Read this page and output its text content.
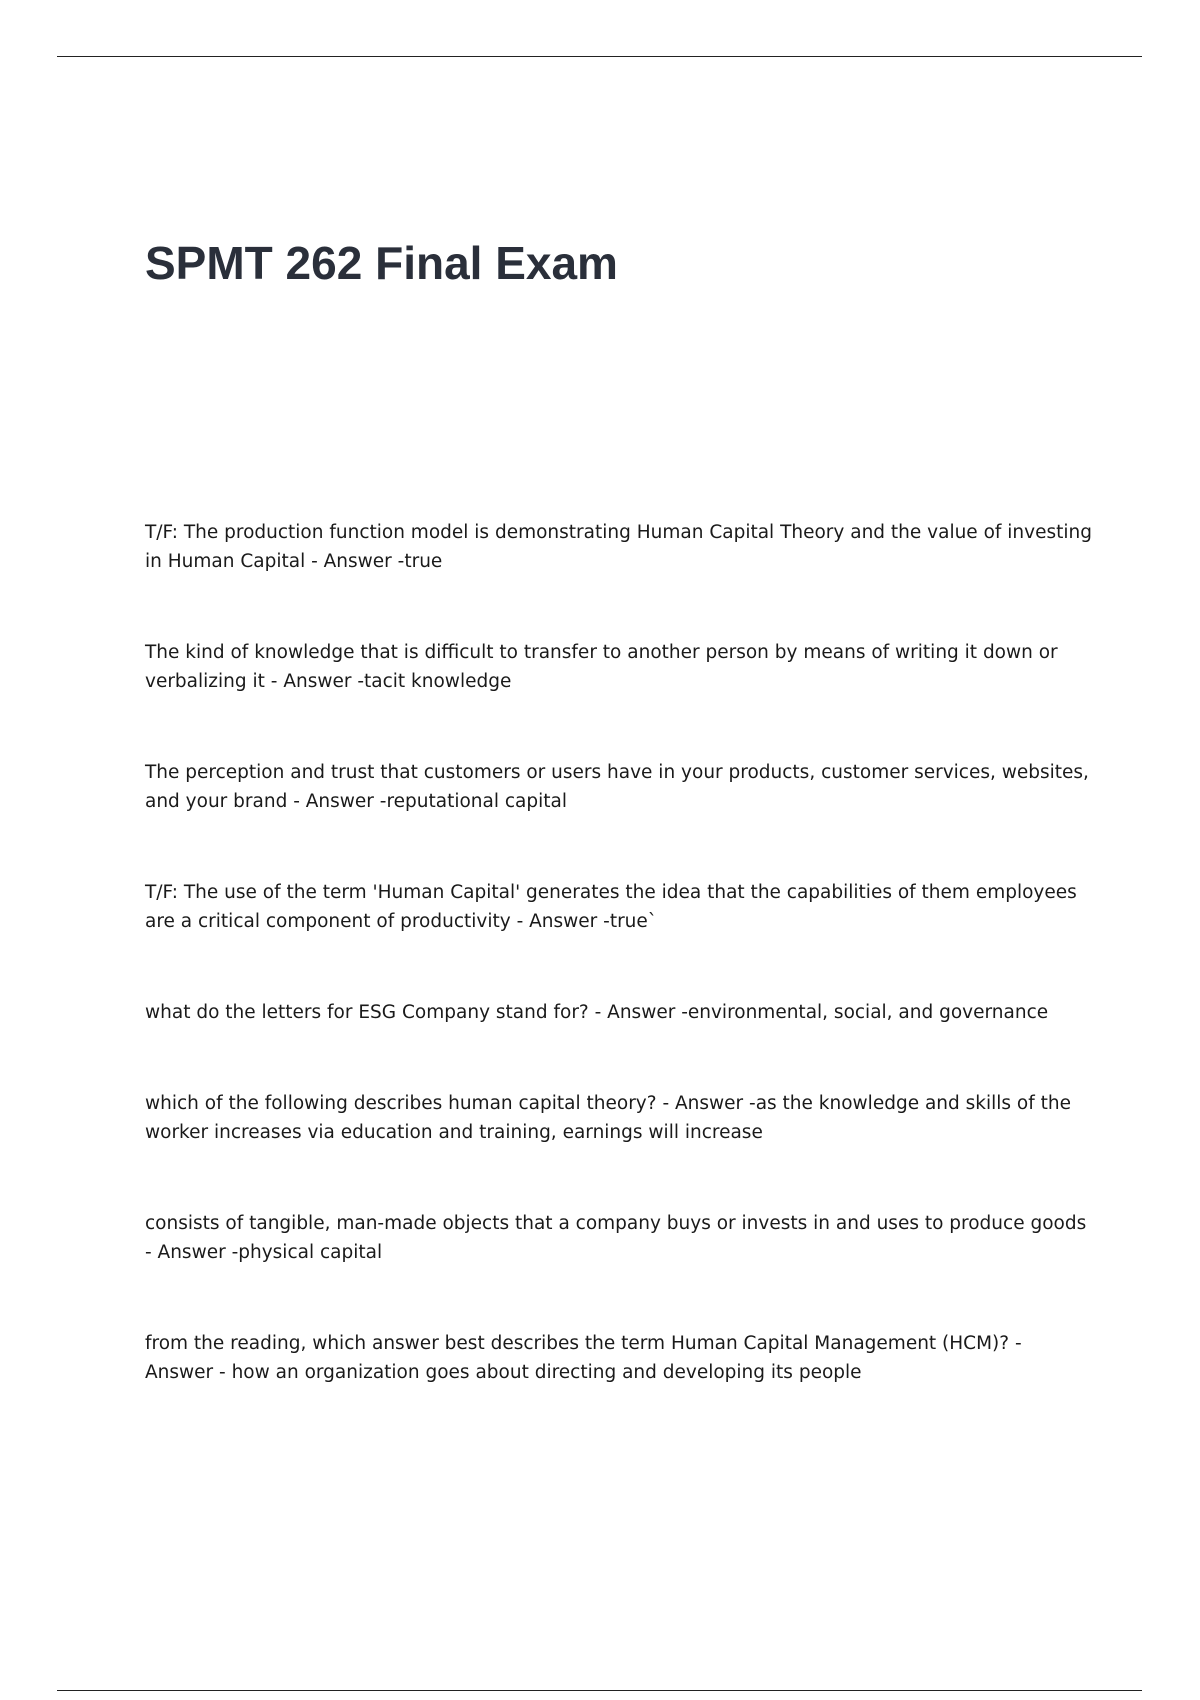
SPMT 262 Final Exam

T/F: The production function model is demonstrating Human Capital Theory and the value of investing in Human Capital - Answer -true

The kind of knowledge that is difficult to transfer to another person by means of writing it down or verbalizing it - Answer -tacit knowledge

The perception and trust that customers or users have in your products, customer services, websites, and your brand - Answer -reputational capital

T/F: The use of the term 'Human Capital' generates the idea that the capabilities of them employees are a critical component of productivity - Answer -true`

what do the letters for ESG Company stand for? - Answer -environmental, social, and governance

which of the following describes human capital theory? - Answer -as the knowledge and skills of the worker increases via education and training, earnings will increase

consists of tangible, man-made objects that a company buys or invests in and uses to produce goods - Answer -physical capital

from the reading, which answer best describes the term Human Capital Management (HCM)? - Answer - how an organization goes about directing and developing its people
